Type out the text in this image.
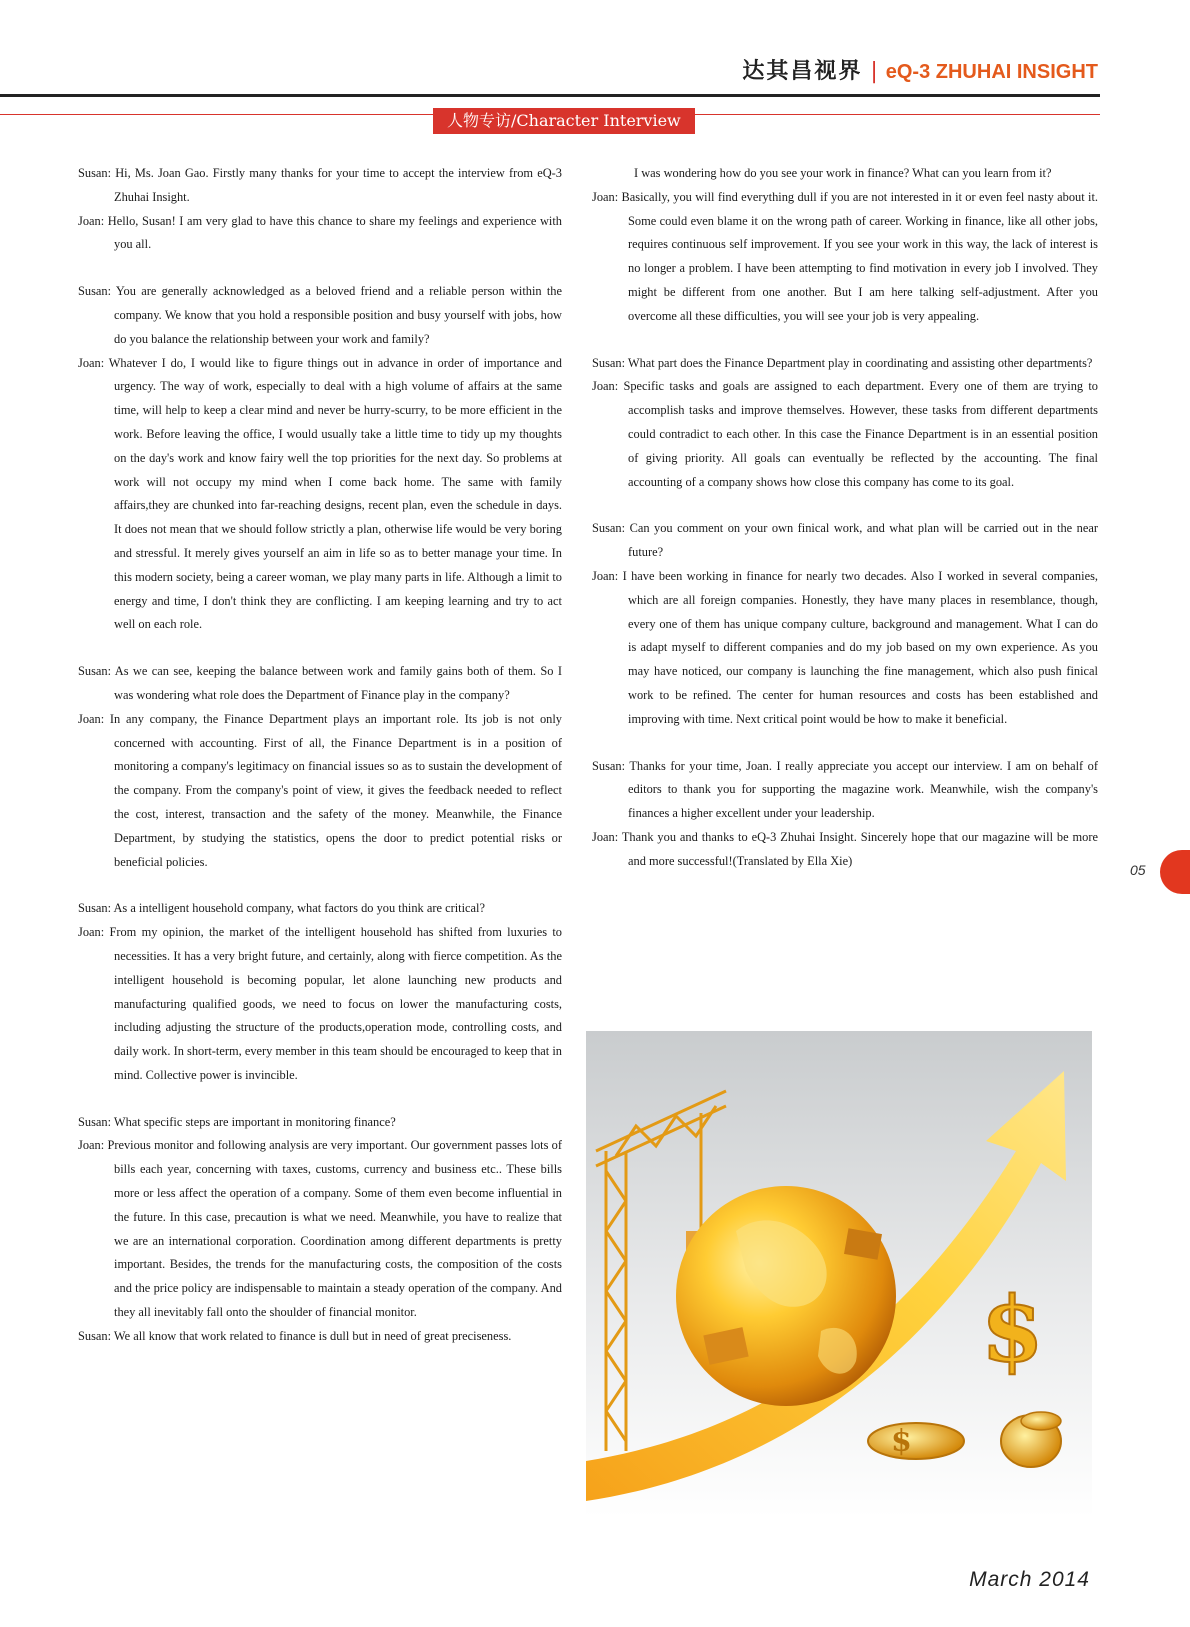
达其昌视界 | eQ-3 ZHUHAI INSIGHT
人物专访/Character Interview

Susan: Hi, Ms. Joan Gao. Firstly many thanks for your time to accept the interview from eQ-3 Zhuhai Insight.

Joan: Hello, Susan! I am very glad to have this chance to share my feelings and experience with you all.

Susan: You are generally acknowledged as a beloved friend and a reliable person within the company. We know that you hold a responsible position and busy yourself with jobs, how do you balance the relationship between your work and family?

Joan: Whatever I do, I would like to figure things out in advance in order of importance and urgency. The way of work, especially to deal with a high volume of affairs at the same time, will help to keep a clear mind and never be hurry-scurry, to be more efficient in the work. Before leaving the office, I would usually take a little time to tidy up my thoughts on the day's work and know fairy well the top priorities for the next day. So problems at work will not occupy my mind when I come back home. The same with family affairs,they are chunked into far-reaching designs, recent plan, even the schedule in days. It does not mean that we should follow strictly a plan, otherwise life would be very boring and stressful. It merely gives yourself an aim in life so as to better manage your time. In this modern society, being a career woman, we play many parts in life. Although a limit to energy and time, I don't think they are conflicting. I am keeping learning and try to act well on each role.

Susan: As we can see, keeping the balance between work and family gains both of them. So I was wondering what role does the Department of Finance play in the company?

Joan: In any company, the Finance Department plays an important role. Its job is not only concerned with accounting. First of all, the Finance Department is in a position of monitoring a company's legitimacy on financial issues so as to sustain the development of the company. From the company's point of view, it gives the feedback needed to reflect the cost, interest, transaction and the safety of the money. Meanwhile, the Finance Department, by studying the statistics, opens the door to predict potential risks or beneficial policies.

Susan: As a intelligent household company, what factors do you think are critical?

Joan: From my opinion, the market of the intelligent household has shifted from luxuries to necessities. It has a very bright future, and certainly, along with fierce competition. As the intelligent household is becoming popular, let alone launching new products and manufacturing qualified goods, we need to focus on lower the manufacturing costs, including adjusting the structure of the products,operation mode, controlling costs, and daily work. In short-term, every member in this team should be encouraged to keep that in mind. Collective power is invincible.

Susan: What specific steps are important in monitoring finance?

Joan: Previous monitor and following analysis are very important. Our government passes lots of bills each year, concerning with taxes, customs, currency and business etc.. These bills more or less affect the operation of a company. Some of them even become influential in the future. In this case, precaution is what we need. Meanwhile, you have to realize that we are an international corporation. Coordination among different departments is pretty important. Besides, the trends for the manufacturing costs, the composition of the costs and the price policy are indispensable to maintain a steady operation of the company. And they all inevitably fall onto the shoulder of financial monitor.

Susan: We all know that work related to finance is dull but in need of great preciseness.

I was wondering how do you see your work in finance? What can you learn from it?

Joan: Basically, you will find everything dull if you are not interested in it or even feel nasty about it. Some could even blame it on the wrong path of career. Working in finance, like all other jobs, requires continuous self improvement. If you see your work in this way, the lack of interest is no longer a problem. I have been attempting to find motivation in every job I involved. They might be different from one another. But I am here talking self-adjustment. After you overcome all these difficulties, you will see your job is very appealing.

Susan: What part does the Finance Department play in coordinating and assisting other departments?

Joan: Specific tasks and goals are assigned to each department. Every one of them are trying to accomplish tasks and improve themselves. However, these tasks from different departments could contradict to each other. In this case the Finance Department is in an essential position of giving priority. All goals can eventually be reflected by the accounting. The final accounting of a company shows how close this company has come to its goal.

Susan: Can you comment on your own finical work, and what plan will be carried out in the near future?

Joan: I have been working in finance for nearly two decades. Also I worked in several companies, which are all foreign companies. Honestly, they have many places in resemblance, though, every one of them has unique company culture, background and management. What I can do is adapt myself to different companies and do my job based on my own experience. As you may have noticed, our company is launching the fine management, which also push finical work to be refined. The center for human resources and costs has been established and improving with time. Next critical point would be how to make it beneficial.

Susan: Thanks for your time, Joan. I really appreciate you accept our interview. I am on behalf of editors to thank you for supporting the magazine work. Meanwhile, wish the company's finances a higher excellent under your leadership.

Joan: Thank you and thanks to eQ-3 Zhuhai Insight. Sincerely hope that our magazine will be more and more successful!(Translated by Ella Xie)

$
$
05
March 2014
